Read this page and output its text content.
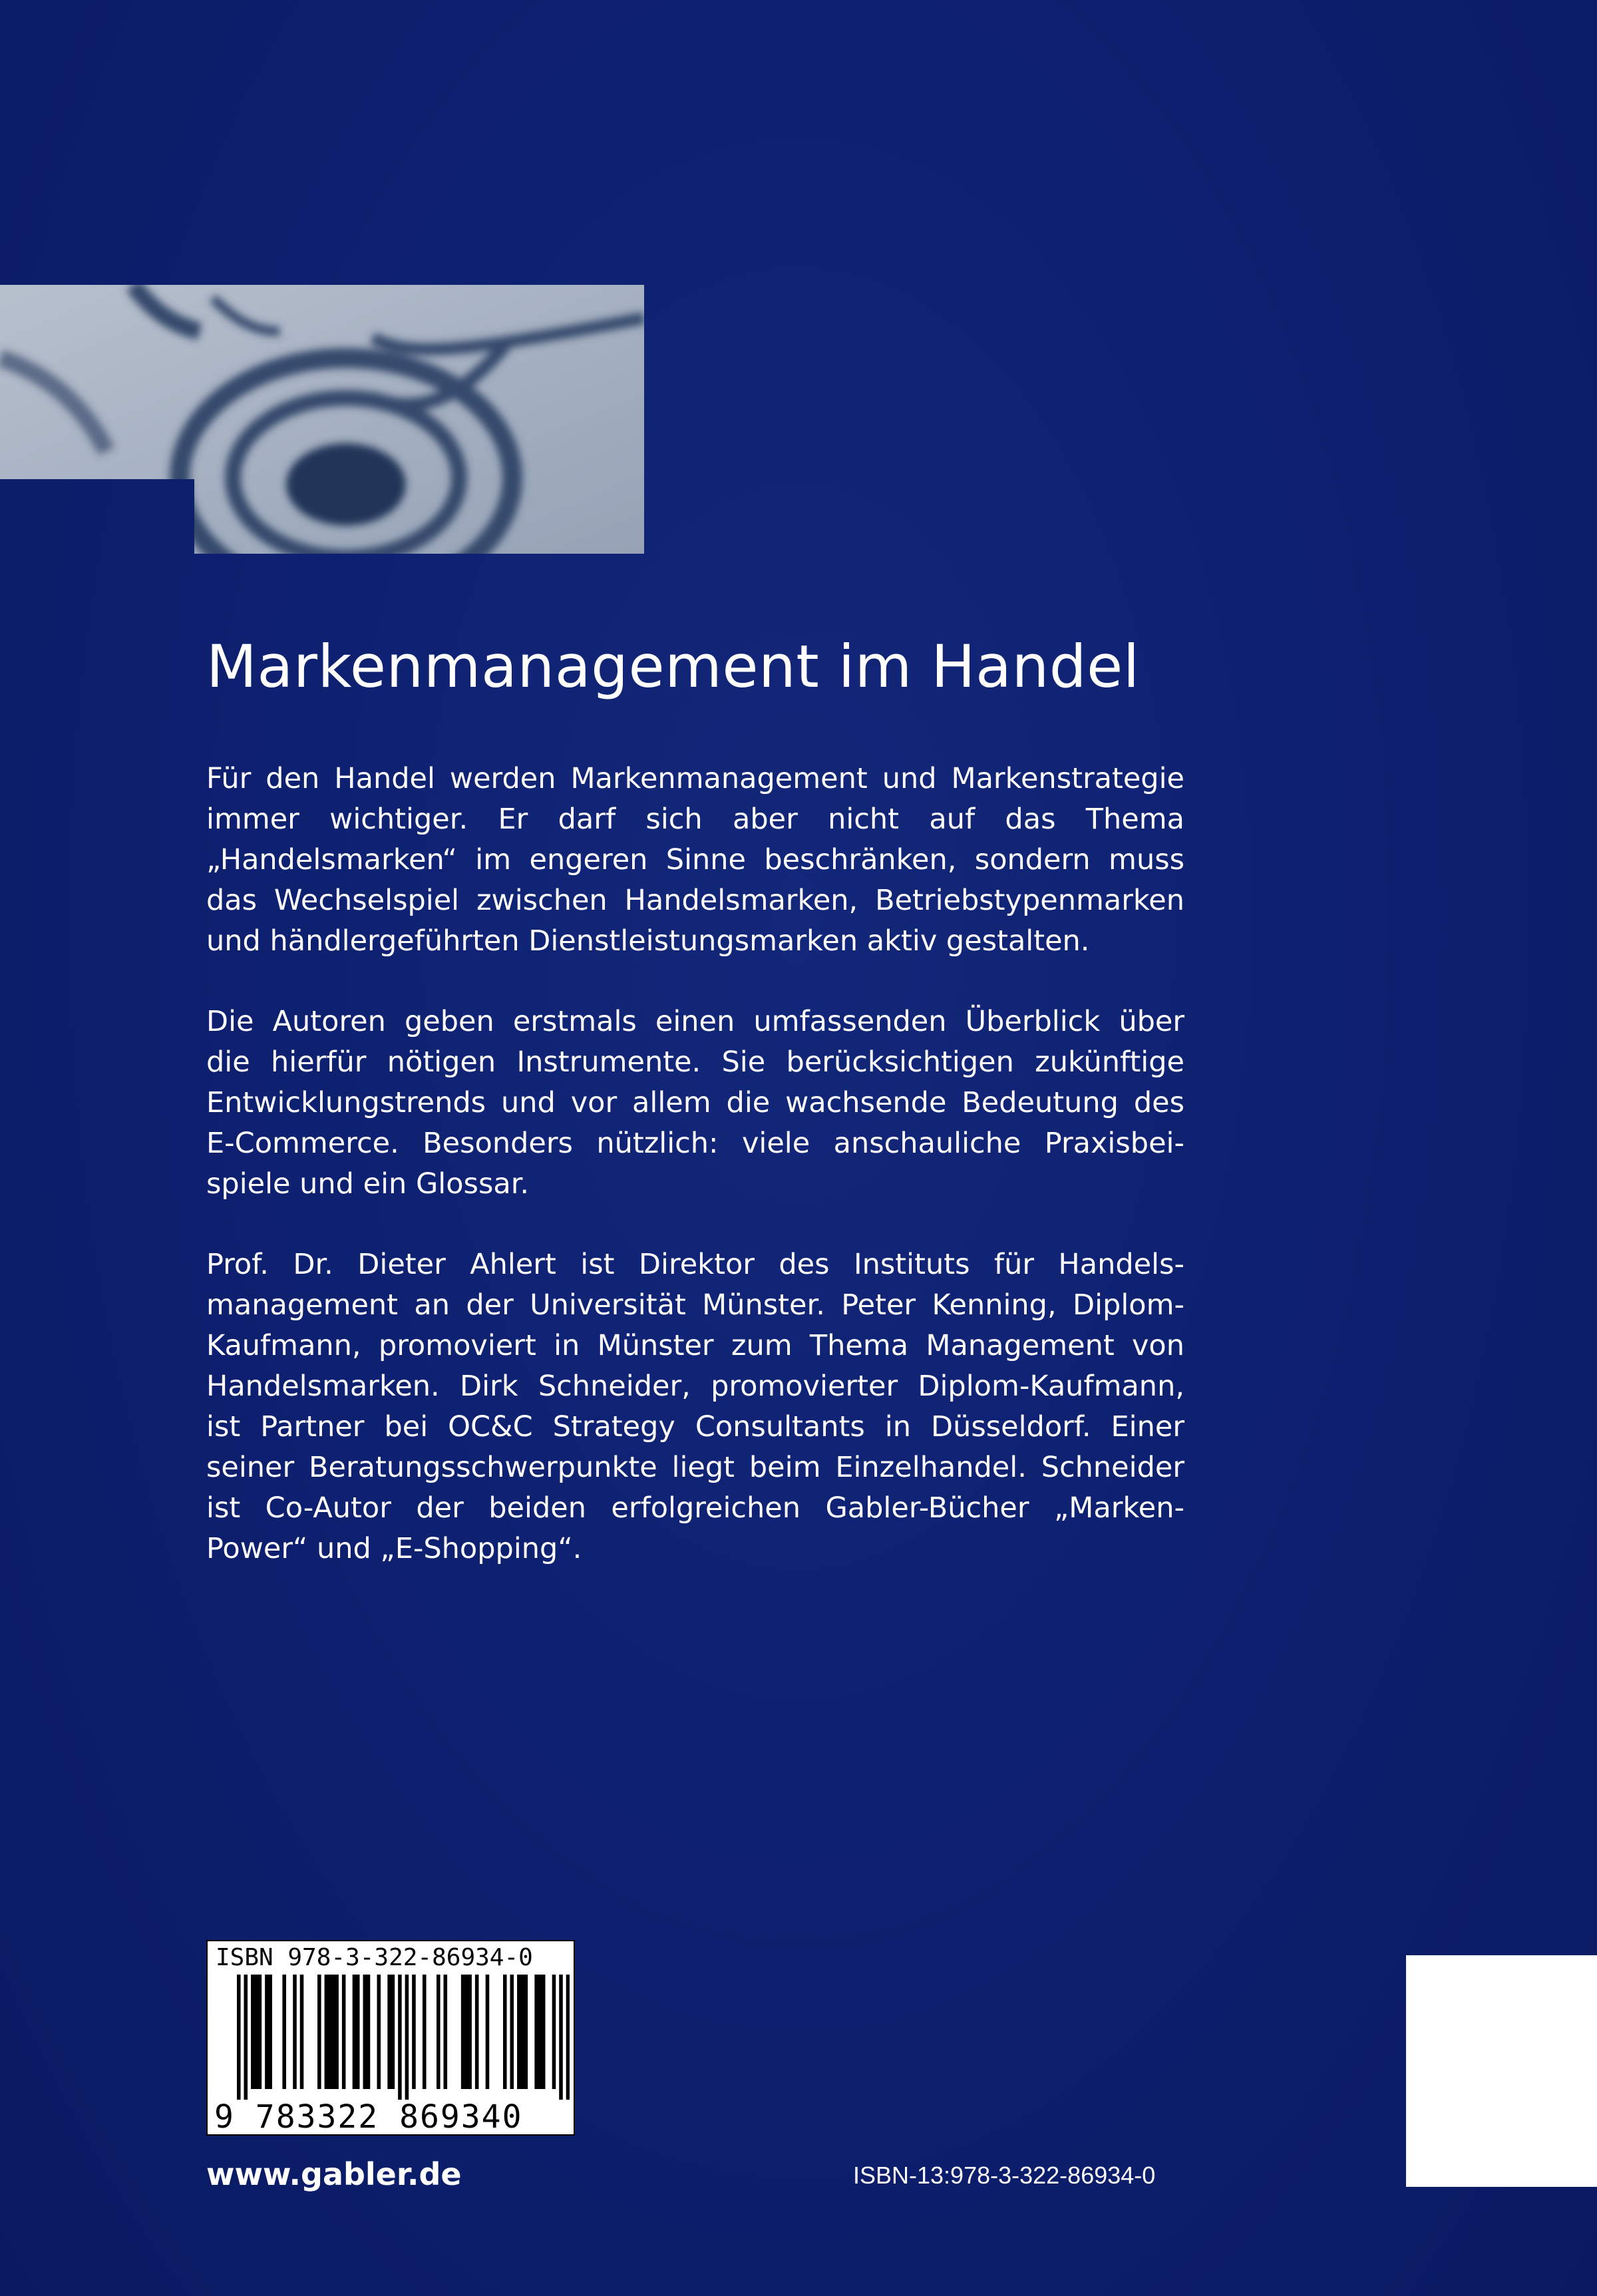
Markenmanagement im Handel
Für den Handel werden Markenmanagement und Markenstrategie
immer wichtiger. Er darf sich aber nicht auf das Thema
„Handelsmarken“ im engeren Sinne beschränken, sondern muss
das Wechselspiel zwischen Handelsmarken, Betriebstypenmarken
und händlergeführten Dienstleistungsmarken aktiv gestalten.
Die Autoren geben erstmals einen umfassenden Überblick über
die hierfür nötigen Instrumente. Sie berücksichtigen zukünftige
Entwicklungstrends und vor allem die wachsende Bedeutung des
E-Commerce. Besonders nützlich: viele anschauliche Praxisbei-
spiele und ein Glossar.
Prof. Dr. Dieter Ahlert ist Direktor des Instituts für Handels-
management an der Universität Münster. Peter Kenning, Diplom-
Kaufmann, promoviert in Münster zum Thema Management von
Handelsmarken. Dirk Schneider, promovierter Diplom-Kaufmann,
ist Partner bei OC&C Strategy Consultants in Düsseldorf. Einer
seiner Beratungsschwerpunkte liegt beim Einzelhandel. Schneider
ist Co-Autor der beiden erfolgreichen Gabler-Bücher „Marken-
Power“ und „E-Shopping“.
ISBN 978-3-322-86934-0
9 783322 869340
www.gabler.de	ISBN-13:978-3-322-86934-0
